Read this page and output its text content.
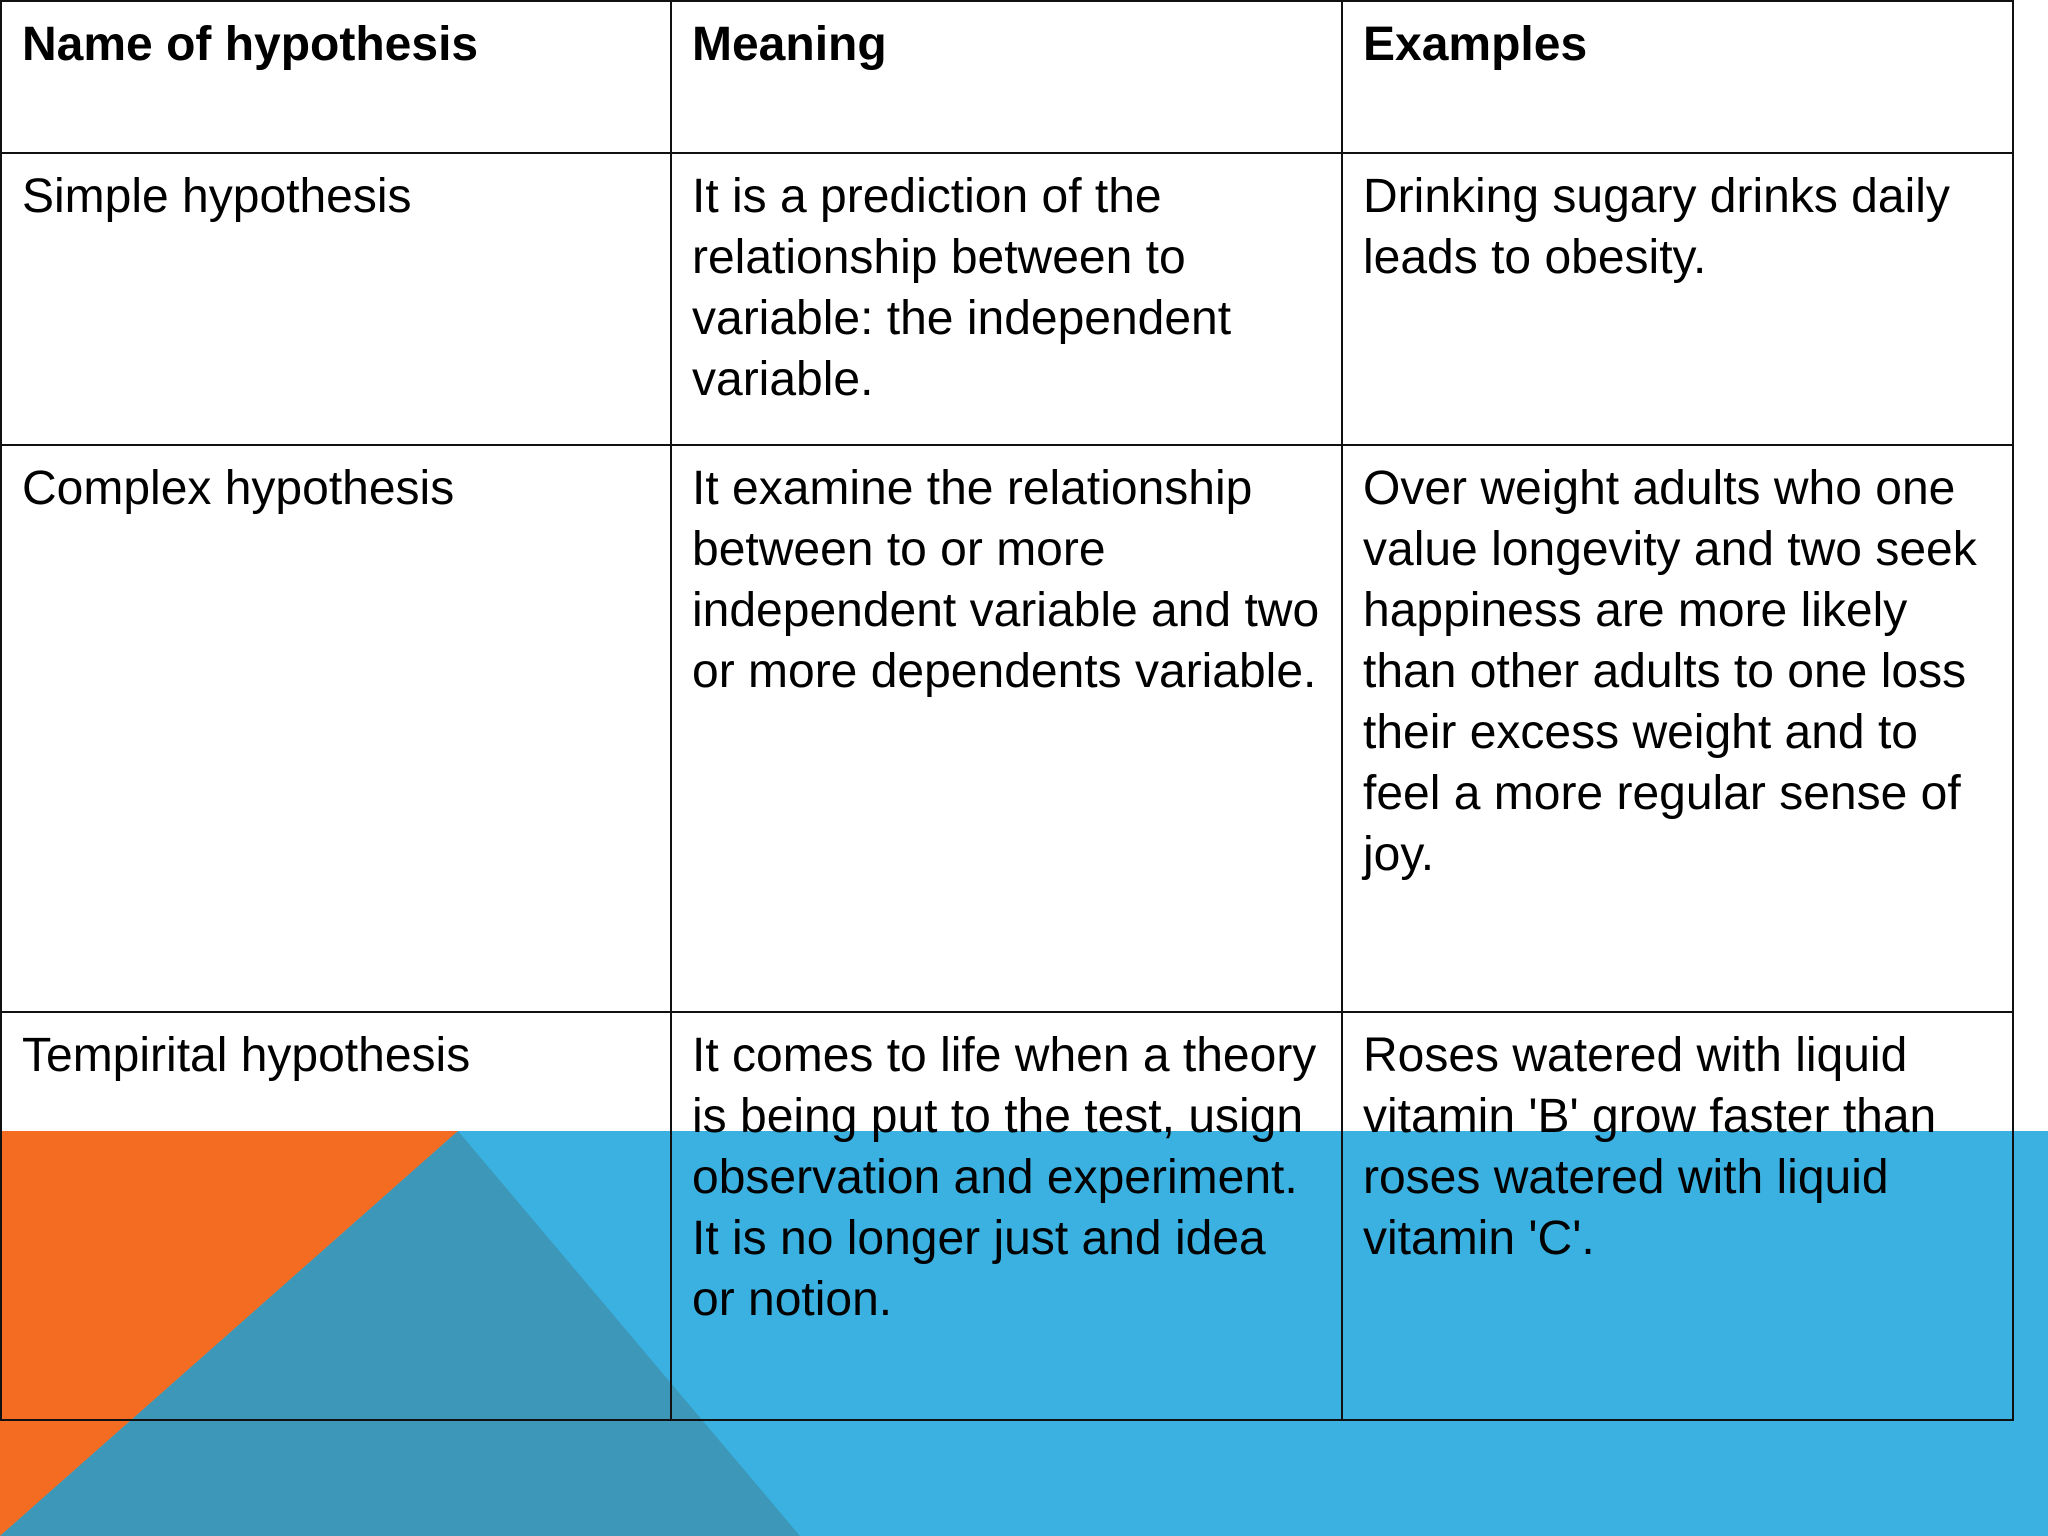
Name of hypothesis	Meaning	Examples
Simple hypothesis	It is a prediction of the relationship between to variable: the independent variable.	Drinking sugary drinks daily leads to obesity.
Complex hypothesis	It examine the relationship between to or more independent variable and two or more dependents variable.	Over weight adults who one value longevity and two seek happiness are more likely than other adults to one loss their excess weight and to feel a more regular sense of joy.
Tempirital hypothesis	It comes to life when a theory is being put to the test, usign observation and experiment. It is no longer just and idea or notion.	Roses watered with liquid vitamin 'B' grow faster than roses watered with liquid vitamin 'C'.
